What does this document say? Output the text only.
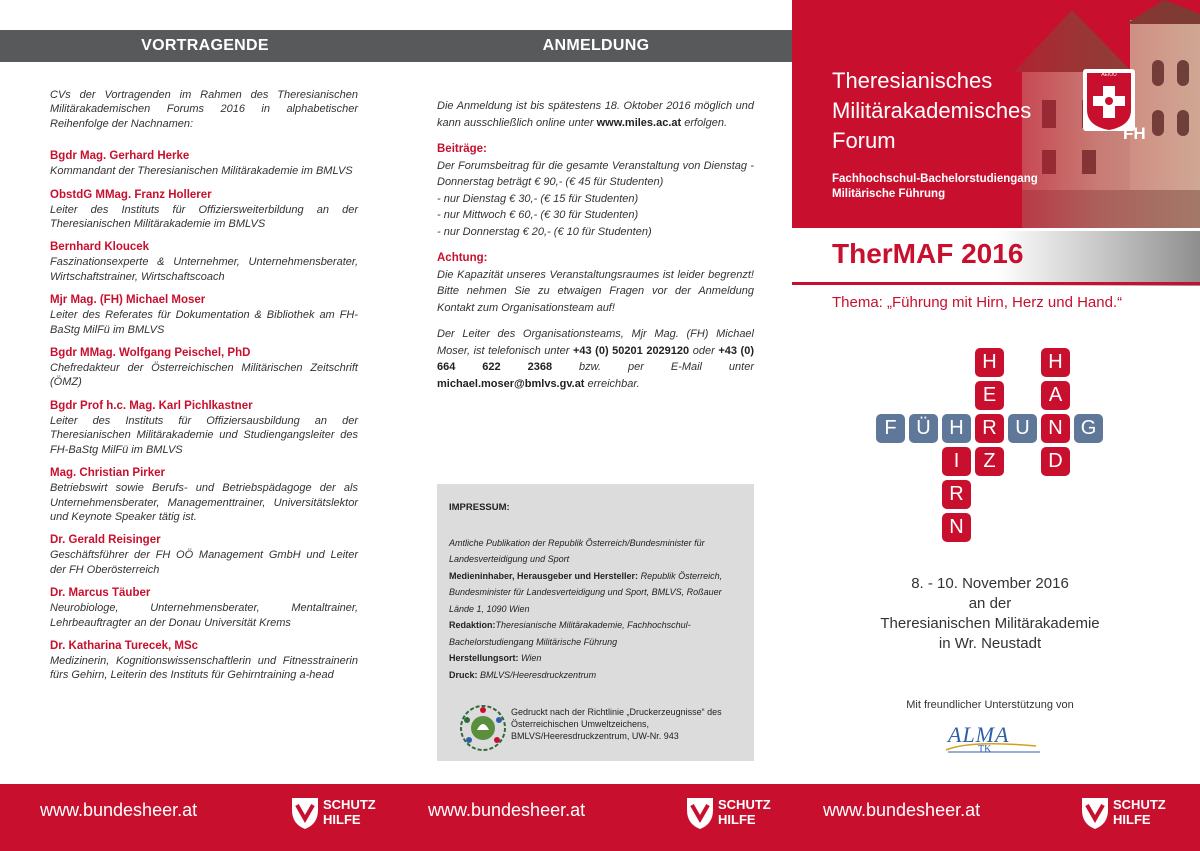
VORTRAGENDE	ANMELDUNG

CVs der Vortragenden im Rahmen des Theresianischen Militärakademischen Forums 2016 in alphabetischer Reihenfolge der Nachnamen:

Bgdr Mag. Gerhard Herke
Kommandant der Theresianischen Militärakademie im BMLVS
ObstdG MMag. Franz Hollerer
Leiter des Instituts für Offiziersweiterbildung an der Theresianischen Militärakademie im BMLVS
Bernhard Kloucek
Faszinationsexperte & Unternehmer, Unternehmensberater, Wirtschaftstrainer, Wirtschaftscoach
Mjr Mag. (FH) Michael Moser
Leiter des Referates für Dokumentation & Bibliothek am FH-BaStg MilFü im BMLVS
Bgdr MMag. Wolfgang Peischel, PhD
Chefredakteur der Österreichischen Militärischen Zeitschrift (ÖMZ)
Bgdr Prof h.c. Mag. Karl Pichlkastner
Leiter des Instituts für Offiziersausbildung an der Theresianischen Militärakademie und Studiengangsleiter des FH-BaStg MilFü im BMLVS
Mag. Christian Pirker
Betriebswirt sowie Berufs- und Betriebspädagoge der als Unternehmensberater, Managementtrainer, Universitätslektor und Keynote Speaker tätig ist.
Dr. Gerald Reisinger
Geschäftsführer der FH OÖ Management GmbH und Leiter der FH Oberösterreich
Dr. Marcus Täuber
Neurobiologe, Unternehmensberater, Mentaltrainer, Lehrbeauftragter an der Donau Universität Krems
Dr. Katharina Turecek, MSc
Medizinerin, Kognitionswissenschaftlerin und Fitnesstrainerin fürs Gehirn, Leiterin des Instituts für Gehirntraining a-head

Die Anmeldung ist bis spätestens 18. Oktober 2016 möglich und kann ausschließlich online unter www.miles.ac.at erfolgen.

Beiträge:

Der Forumsbeitrag für die gesamte Veranstaltung von Dienstag - Donnerstag beträgt € 90,- (€ 45 für Studenten)

- nur Dienstag € 30,- (€ 15 für Studenten)
- nur Mittwoch € 60,- (€ 30 für Studenten)
- nur Donnerstag € 20,- (€ 10 für Studenten)
Achtung:

Die Kapazität unseres Veranstaltungsraumes ist leider begrenzt! Bitte nehmen Sie zu etwaigen Fragen vor der Anmeldung Kontakt zum Organisationsteam auf!

Der Leiter des Organisationsteams, Mjr Mag. (FH) Michael Moser, ist telefonisch unter +43 (0) 50201 2029120 oder +43 (0) 664 622 2368 bzw. per E-Mail unter michael.moser@bmlvs.gv.at erreichbar.

IMPRESSUM:
Amtliche Publikation der Republik Österreich/Bundesminister für Landesverteidigung und Sport
Medieninhaber, Herausgeber und Hersteller: Republik Österreich, Bundesminister für Landesverteidigung und Sport, BMLVS, Roßauer Lände 1, 1090 Wien
Redaktion:Theresianische Militärakademie, Fachhochschul-Bachelorstudiengang Militärische Führung
Herstellungsort: Wien
Druck: BMLVS/Heeresdruckzentrum
Gedruckt nach der Richtlinie „Druckerzeugnisse“ des Österreichischen Umweltzeichens, BMLVS/Heeresdruckzentrum, UW-Nr. 943
AEIOU
1752 FH
Theresianisches
Militärakademisches
Forum
Fachhochschul-Bachelorstudiengang
Militärische Führung
TherMAF 2016
Thema: „Führung mit Hirn, Herz und Hand.“
F Ü H R U N G
H
E
Z
I
R
N
H
A
D
8. - 10. November 2016
an der
Theresianischen Militärakademie
in Wr. Neustadt
Mit freundlicher Unterstützung von
ALMA
TK
www.bundesheer.at	SCHUTZ
HILFE	www.bundesheer.at	SCHUTZ
HILFE	www.bundesheer.at	SCHUTZ
HILFE
